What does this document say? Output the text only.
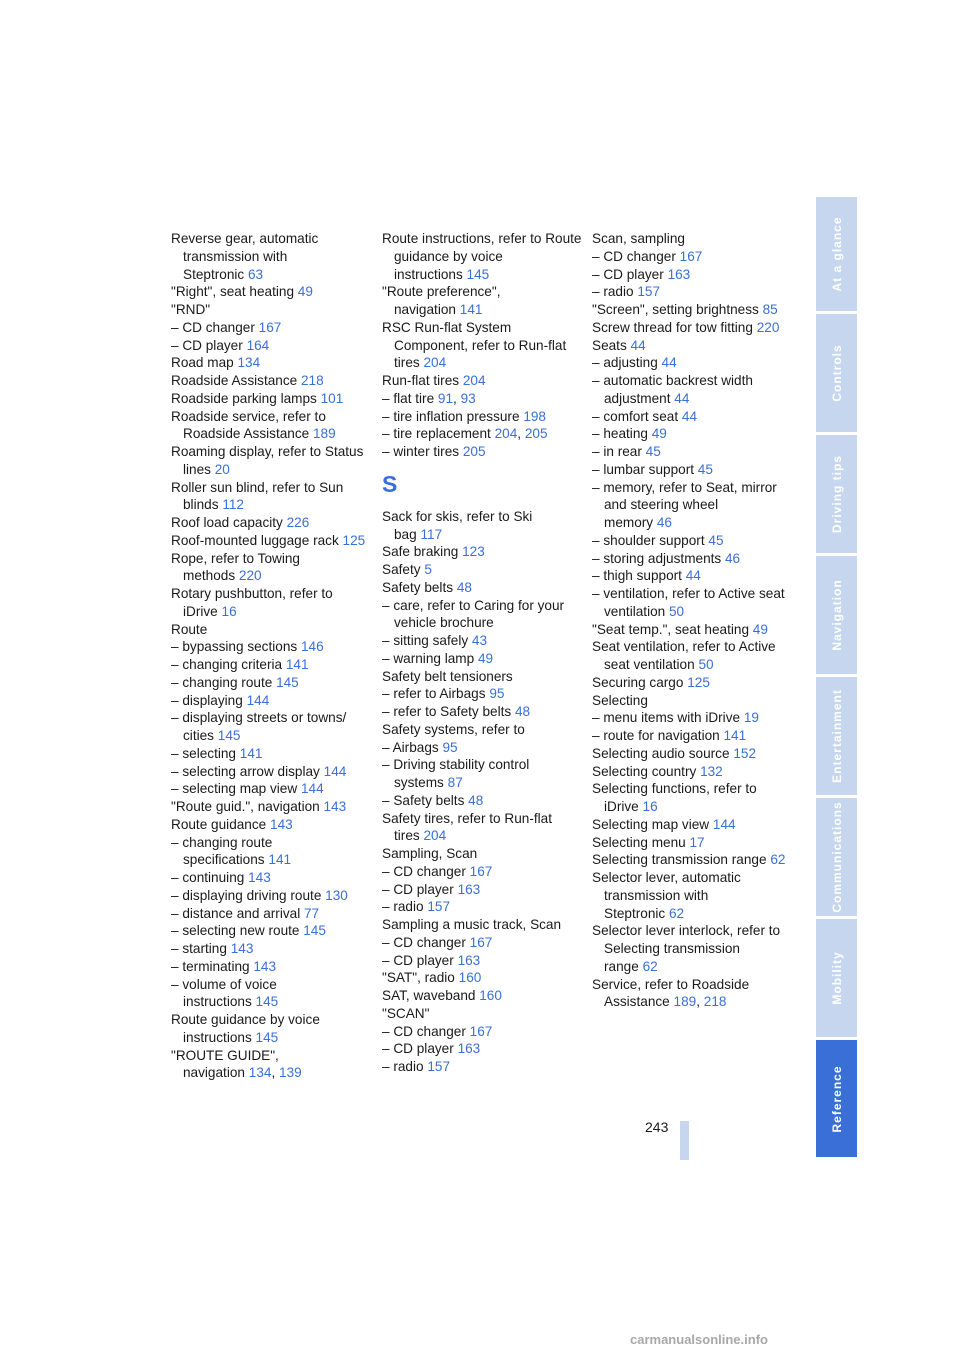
Reverse gear, automatic transmission with Steptronic 63
"Right", seat heating 49
"RND"
– CD changer 167
– CD player 164
Road map 134
Roadside Assistance 218
Roadside parking lamps 101
Roadside service, refer to Roadside Assistance 189
Roaming display, refer to Status lines 20
Roller sun blind, refer to Sun blinds 112
Roof load capacity 226
Roof-mounted luggage rack 125
Rope, refer to Towing methods 220
Rotary pushbutton, refer to iDrive 16
Route
– bypassing sections 146
– changing criteria 141
– changing route 145
– displaying 144
– displaying streets or towns/ cities 145
– selecting 141
– selecting arrow display 144
– selecting map view 144
"Route guid.", navigation 143
Route guidance 143
– changing route specifications 141
– continuing 143
– displaying driving route 130
– distance and arrival 77
– selecting new route 145
– starting 143
– terminating 143
– volume of voice instructions 145
Route guidance by voice instructions 145
"ROUTE GUIDE", navigation 134, 139
Route instructions, refer to Route guidance by voice instructions 145
"Route preference", navigation 141
RSC Run-flat System Component, refer to Run-flat tires 204
Run-flat tires 204
– flat tire 91, 93
– tire inflation pressure 198
– tire replacement 204, 205
– winter tires 205
S
Sack for skis, refer to Ski bag 117
Safe braking 123
Safety 5
Safety belts 48
– care, refer to Caring for your vehicle brochure
– sitting safely 43
– warning lamp 49
Safety belt tensioners
– refer to Airbags 95
– refer to Safety belts 48
Safety systems, refer to
– Airbags 95
– Driving stability control systems 87
– Safety belts 48
Safety tires, refer to Run-flat tires 204
Sampling, Scan
– CD changer 167
– CD player 163
– radio 157
Sampling a music track, Scan
– CD changer 167
– CD player 163
"SAT", radio 160
SAT, waveband 160
"SCAN"
– CD changer 167
– CD player 163
– radio 157
Scan, sampling
– CD changer 167
– CD player 163
– radio 157
"Screen", setting brightness 85
Screw thread for tow fitting 220
Seats 44
– adjusting 44
– automatic backrest width adjustment 44
– comfort seat 44
– heating 49
– in rear 45
– lumbar support 45
– memory, refer to Seat, mirror and steering wheel memory 46
– shoulder support 45
– storing adjustments 46
– thigh support 44
– ventilation, refer to Active seat ventilation 50
"Seat temp.", seat heating 49
Seat ventilation, refer to Active seat ventilation 50
Securing cargo 125
Selecting
– menu items with iDrive 19
– route for navigation 141
Selecting audio source 152
Selecting country 132
Selecting functions, refer to iDrive 16
Selecting map view 144
Selecting menu 17
Selecting transmission range 62
Selector lever, automatic transmission with Steptronic 62
Selector lever interlock, refer to Selecting transmission range 62
Service, refer to Roadside Assistance 189, 218
243
At a glance
Controls
Driving tips
Navigation
Entertainment
Communications
Mobility
Reference
carmanualsonline.info
